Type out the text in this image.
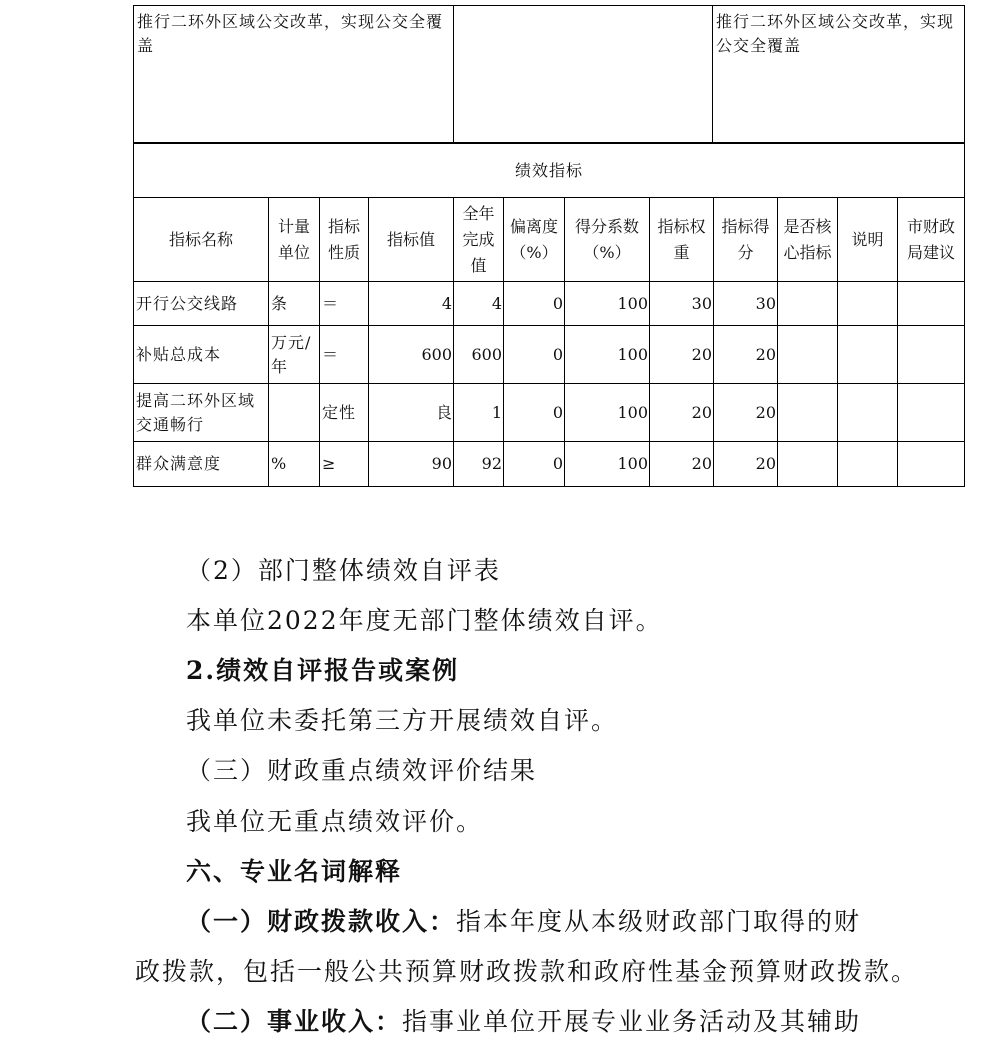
推行二环外区域公交改革，实现公交全覆盖		推行二环外区域公交改革，实现公交全覆盖
绩效指标											
指标名称	计量单位	指标性质	指标值	全年完成值	偏离度（%）	得分系数（%）	指标权重	指标得分	是否核心指标	说明	市财政局建议
开行公交线路	条	＝	4	4	0	100	30	30			
补贴总成本	万元/年	＝	600	600	0	100	20	20			
提高二环外区域交通畅行		定性	良	1	0	100	20	20			
群众满意度	%	≥	90	92	0	100	20	20			
（2）部门整体绩效自评表
本单位2022年度无部门整体绩效自评。
2.绩效自评报告或案例
我单位未委托第三方开展绩效自评。
（三）财政重点绩效评价结果
我单位无重点绩效评价。
六、专业名词解释
（一）财政拨款收入：指本年度从本级财政部门取得的财
政拨款，包括一般公共预算财政拨款和政府性基金预算财政拨款。
（二）事业收入：指事业单位开展专业业务活动及其辅助
